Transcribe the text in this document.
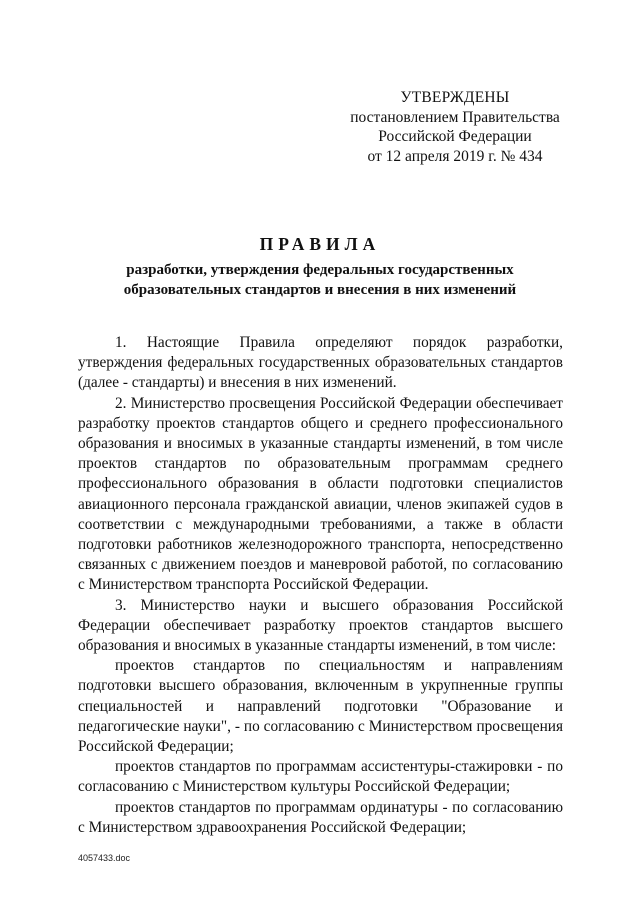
УТВЕРЖДЕНЫ
постановлением Правительства
Российской Федерации
от 12 апреля 2019 г. № 434
ПРАВИЛА
разработки, утверждения федеральных государственных
образовательных стандартов и внесения в них изменений

1. Настоящие Правила определяют порядок разработки, утверждения федеральных государственных образовательных стандартов (далее - стандарты) и внесения в них изменений.

2. Министерство просвещения Российской Федерации обеспечивает разработку проектов стандартов общего и среднего профессионального образования и вносимых в указанные стандарты изменений, в том числе проектов стандартов по образовательным программам среднего профессионального образования в области подготовки специалистов авиационного персонала гражданской авиации, членов экипажей судов в соответствии с международными требованиями, а также в области подготовки работников железнодорожного транспорта, непосредственно связанных с движением поездов и маневровой работой, по согласованию с Министерством транспорта Российской Федерации.

3. Министерство науки и высшего образования Российской Федерации обеспечивает разработку проектов стандартов высшего образования и вносимых в указанные стандарты изменений, в том числе:

проектов стандартов по специальностям и направлениям подготовки высшего образования, включенным в укрупненные группы специальностей и направлений подготовки "Образование и педагогические науки", - по согласованию с Министерством просвещения Российской Федерации;

проектов стандартов по программам ассистентуры-стажировки - по согласованию с Министерством культуры Российской Федерации;

проектов стандартов по программам ординатуры - по согласованию с Министерством здравоохранения Российской Федерации;

4057433.doc
